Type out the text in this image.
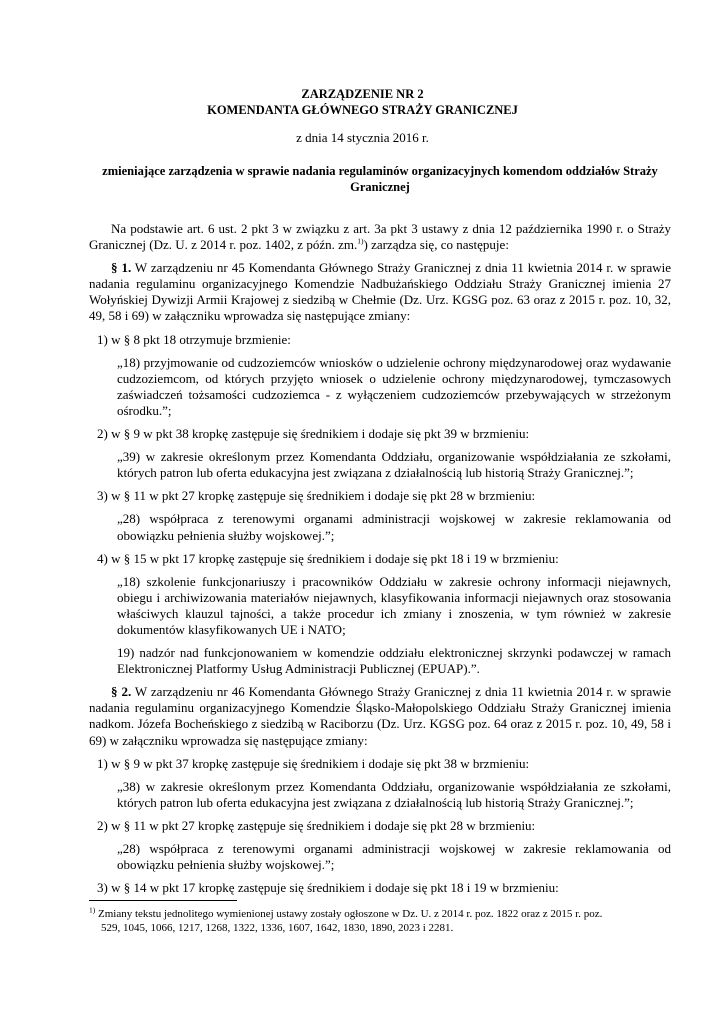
ZARZĄDZENIE NR 2
KOMENDANTA GŁÓWNEGO STRAŻY GRANICZNEJ
z dnia 14 stycznia 2016 r.
zmieniające zarządzenia w sprawie nadania regulaminów organizacyjnych komendom oddziałów Straży Granicznej

Na podstawie art. 6 ust. 2 pkt 3 w związku z art. 3a pkt 3 ustawy z dnia 12 października 1990 r. o Straży Granicznej (Dz. U. z 2014 r. poz. 1402, z późn. zm.$^{1)}$) zarządza się, co następuje:

§ 1. W zarządzeniu nr 45 Komendanta Głównego Straży Granicznej z dnia 11 kwietnia 2014 r. w sprawie nadania regulaminu organizacyjnego Komendzie Nadbużańskiego Oddziału Straży Granicznej imienia 27 Wołyńskiej Dywizji Armii Krajowej z siedzibą w Chełmie (Dz. Urz. KGSG poz. 63 oraz z 2015 r. poz. 10, 32, 49, 58 i 69) w załączniku wprowadza się następujące zmiany:

1) w § 8 pkt 18 otrzymuje brzmienie:

„18) przyjmowanie od cudzoziemców wniosków o udzielenie ochrony międzynarodowej oraz wydawanie cudzoziemcom, od których przyjęto wniosek o udzielenie ochrony międzynarodowej, tymczasowych zaświadczeń tożsamości cudzoziemca - z wyłączeniem cudzoziemców przebywających w strzeżonym ośrodku.”;

2) w § 9 w pkt 38 kropkę zastępuje się średnikiem i dodaje się pkt 39 w brzmieniu:

„39) w zakresie określonym przez Komendanta Oddziału, organizowanie współdziałania ze szkołami, których patron lub oferta edukacyjna jest związana z działalnością lub historią Straży Granicznej.”;

3) w § 11 w pkt 27 kropkę zastępuje się średnikiem i dodaje się pkt 28 w brzmieniu:

„28) współpraca z terenowymi organami administracji wojskowej w zakresie reklamowania od obowiązku pełnienia służby wojskowej.”;

4) w § 15 w pkt 17 kropkę zastępuje się średnikiem i dodaje się pkt 18 i 19 w brzmieniu:

„18) szkolenie funkcjonariuszy i pracowników Oddziału w zakresie ochrony informacji niejawnych, obiegu i archiwizowania materiałów niejawnych, klasyfikowania informacji niejawnych oraz stosowania właściwych klauzul tajności, a także procedur ich zmiany i znoszenia, w tym również w zakresie dokumentów klasyfikowanych UE i NATO;

19) nadzór nad funkcjonowaniem w komendzie oddziału elektronicznej skrzynki podawczej w ramach Elektronicznej Platformy Usług Administracji Publicznej (EPUAP).”.

§ 2. W zarządzeniu nr 46 Komendanta Głównego Straży Granicznej z dnia 11 kwietnia 2014 r. w sprawie nadania regulaminu organizacyjnego Komendzie Śląsko-Małopolskiego Oddziału Straży Granicznej imienia nadkom. Józefa Bocheńskiego z siedzibą w Raciborzu (Dz. Urz. KGSG poz. 64 oraz z 2015 r. poz. 10, 49, 58 i 69) w załączniku wprowadza się następujące zmiany:

1) w § 9 w pkt 37 kropkę zastępuje się średnikiem i dodaje się pkt 38 w brzmieniu:

„38) w zakresie określonym przez Komendanta Oddziału, organizowanie współdziałania ze szkołami, których patron lub oferta edukacyjna jest związana z działalnością lub historią Straży Granicznej.”;

2) w § 11 w pkt 27 kropkę zastępuje się średnikiem i dodaje się pkt 28 w brzmieniu:

„28) współpraca z terenowymi organami administracji wojskowej w zakresie reklamowania od obowiązku pełnienia służby wojskowej.”;

3) w § 14 w pkt 17 kropkę zastępuje się średnikiem i dodaje się pkt 18 i 19 w brzmieniu:
$^{1)}$ Zmiany tekstu jednolitego wymienionej ustawy zostały ogłoszone w Dz. U. z 2014 r. poz. 1822 oraz z 2015 r. poz.
529, 1045, 1066, 1217, 1268, 1322, 1336, 1607, 1642, 1830, 1890, 2023 i 2281.
